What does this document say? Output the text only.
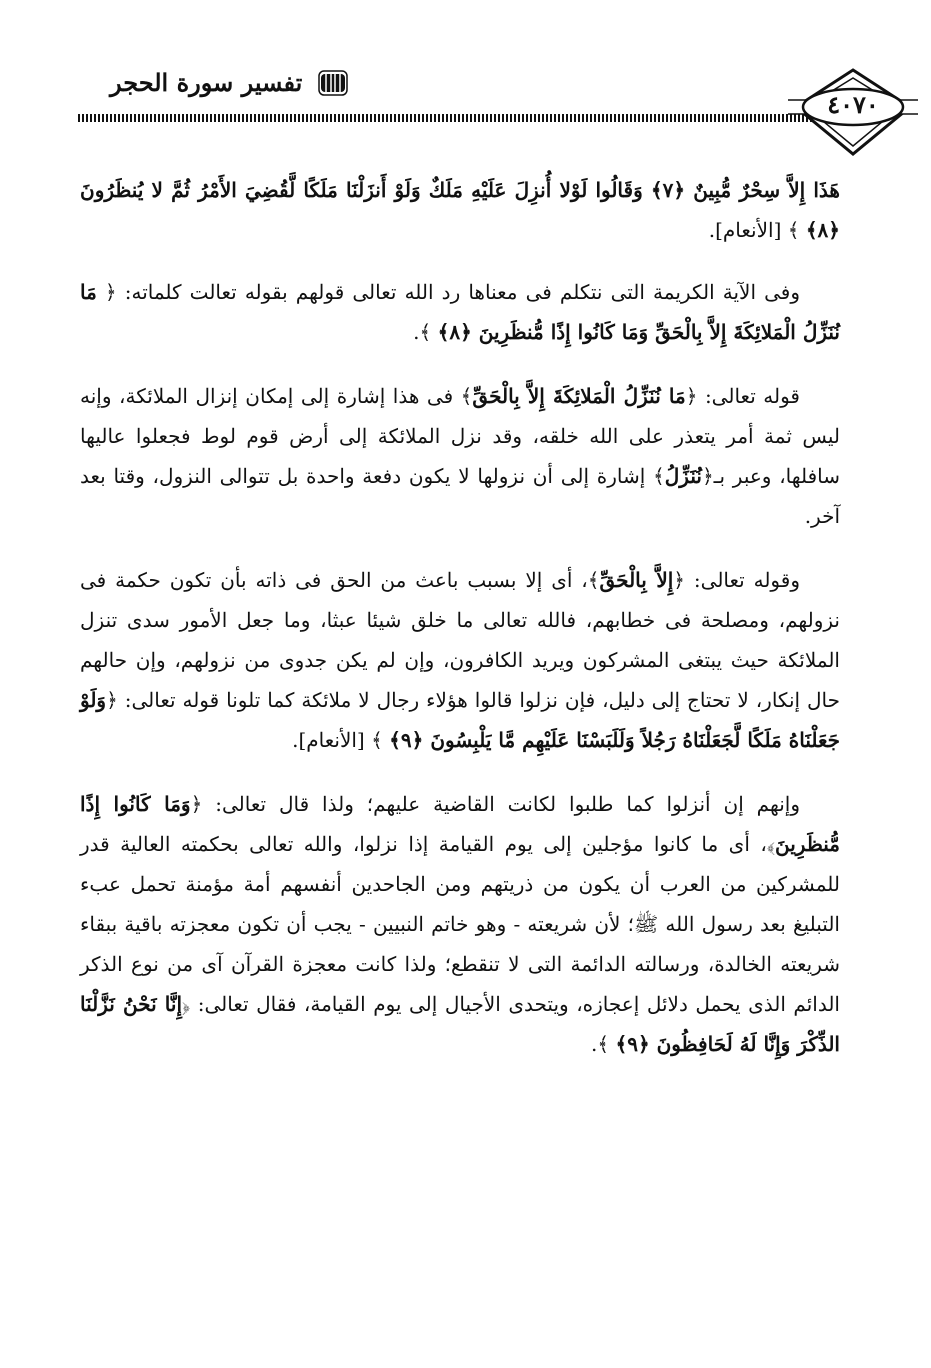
تفسير سورة الحجر
٤٠٧٠

هَذَا إِلاَّ سِحْرٌ مُّبِينٌ ﴿٧﴾ وَقَالُوا لَوْلا أُنزِلَ عَلَيْهِ مَلَكٌ وَلَوْ أَنزَلْنَا مَلَكًا لَّقُضِيَ الأَمْرُ ثُمَّ لا يُنظَرُونَ ﴿٨﴾ ﴾ [الأنعام].

وفى الآية الكريمة التى نتكلم فى معناها رد الله تعالى قولهم بقوله تعالت كلماته: ﴿ مَا نُنَزِّلُ الْمَلائِكَةَ إِلاَّ بِالْحَقِّ وَمَا كَانُوا إِذًا مُّنظَرِينَ ﴿٨﴾ ﴾.

قوله تعالى: ﴿مَا نُنَزِّلُ الْمَلائِكَةَ إِلاَّ بِالْحَقِّ﴾ فى هذا إشارة إلى إمكان إنزال الملائكة، وإنه ليس ثمة أمر يتعذر على الله خلقه، وقد نزل الملائكة إلى أرض قوم لوط فجعلوا عاليها سافلها، وعبر بـ﴿نُنَزِّلُ﴾ إشارة إلى أن نزولها لا يكون دفعة واحدة بل تتوالى النزول، وقتا بعد آخر.

وقوله تعالى: ﴿إِلاَّ بِالْحَقِّ﴾، أى إلا بسبب باعث من الحق فى ذاته بأن تكون حكمة فى نزولهم، ومصلحة فى خطابهم، فالله تعالى ما خلق شيئا عبثا، وما جعل الأمور سدى تنزل الملائكة حيث يبتغى المشركون ويريد الكافرون، وإن لم يكن جدوى من نزولهم، وإن حالهم حال إنكار، لا تحتاج إلى دليل، فإن نزلوا قالوا هؤلاء رجال لا ملائكة كما تلونا قوله تعالى: ﴿وَلَوْ جَعَلْنَاهُ مَلَكًا لَّجَعَلْنَاهُ رَجُلاً وَلَلَبَسْنَا عَلَيْهِم مَّا يَلْبِسُونَ ﴿٩﴾ ﴾ [الأنعام].

وإنهم إن أنزلوا كما طلبوا لكانت القاضية عليهم؛ ولذا قال تعالى: ﴿وَمَا كَانُوا إِذًا مُّنظَرِينَ﴾، أى ما كانوا مؤجلين إلى يوم القيامة إذا نزلوا، والله تعالى بحكمته العالية قدر للمشركين من العرب أن يكون من ذريتهم ومن الجاحدين أنفسهم أمة مؤمنة تحمل عبء التبليغ بعد رسول الله ﷺ؛ لأن شريعته - وهو خاتم النبيين - يجب أن تكون معجزته باقية ببقاء شريعته الخالدة، ورسالته الدائمة التى لا تنقطع؛ ولذا كانت معجزة القرآن آى من نوع الذكر الدائم الذى يحمل دلائل إعجازه، ويتحدى الأجيال إلى يوم القيامة، فقال تعالى: ﴿إِنَّا نَحْنُ نَزَّلْنَا الذِّكْرَ وَإِنَّا لَهُ لَحَافِظُونَ ﴿٩﴾ ﴾.
